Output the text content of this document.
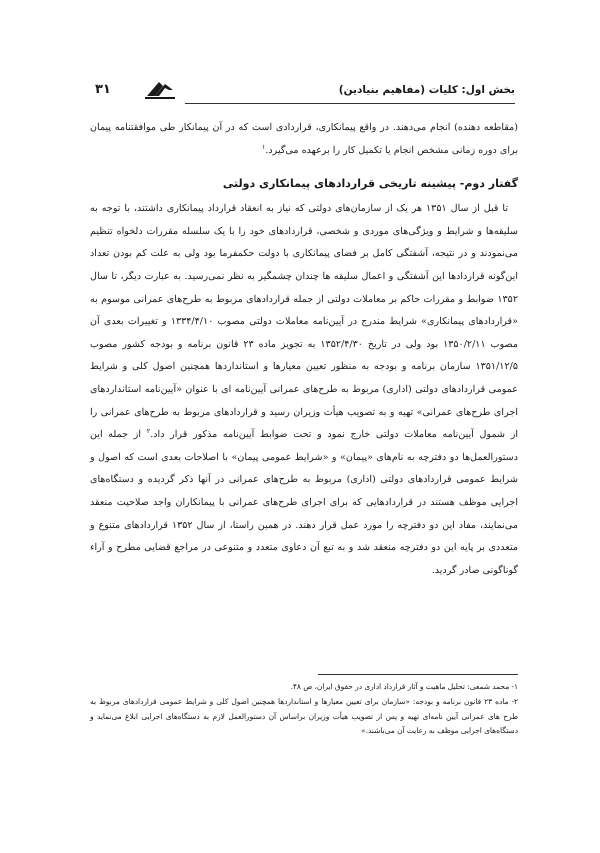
۳۱	بخش اول: کلیات (مفاهیم بنیادین)

(مقاطعه دهنده) انجام می‌دهند. در واقع پیمانکاری، قراردادی است که در آن پیمانکار طی موافقتنامه پیمان برای دوره زمانی مشخص انجام یا تکمیل کار را برعهده می‌گیرد.$^۱$

گفتار دوم- پیشینه تاریخی قراردادهای پیمانکاری دولتی

تا قبل از سال ۱۳۵۱ هر یک از سازمان‌های دولتی که نیاز به انعقاد قرارداد پیمانکاری داشتند، با توجه به سلیقه‌ها و شرایط و ویژگی‌های موردی و شخصی، قراردادهای خود را با یک سلسله مقررات دلخواه تنظیم می‌نمودند و در نتیجه، آشفتگی کامل بر فضای پیمانکاری با دولت حکمفرما بود ولی به علت کم بودن تعداد این‌گونه قراردادها این آشفتگی و اعمال سلیقه ها چندان چشمگیر به نظر نمی‌رسید. به عبارت دیگر، تا سال ۱۳۵۲ ضوابط و مقررات حاکم بر معاملات دولتی از جمله قراردادهای مربوط به طرح‌های عمرانی موسوم به «قراردادهای پیمانکاری» شرایط مندرج در آیین‌نامه معاملات دولتی مصوب ۱۳۳۴/۴/۱۰ و تغییرات بعدی آن مصوب ۱۳۵۰/۲/۱۱ بود ولی در تاریخ ۱۳۵۲/۴/۳۰ به تجویز ماده ۲۳ قانون برنامه و بودجه کشور مصوب ۱۳۵۱/۱۲/۵ سازمان برنامه و بودجه به منظور تعیین معیارها و استانداردها همچنین اصول کلی و شرایط عمومی قراردادهای دولتی (اداری) مربوط به طرح‌های عمرانی آیین‌نامه ای با عنوان «آیین‌نامه استانداردهای اجرای طرح‌های عمرانی» تهیه و به تصویب هیأت وزیران رسید و قراردادهای مربوط به طرح‌های عمرانی را از شمول آیین‌نامه معاملات دولتی خارج نمود و تحت ضوابط آیین‌نامه مذکور قرار داد.$^۲$ از جمله این دستورالعمل‌ها دو دفترچه به نام‌های «پیمان» و «شرایط عمومی پیمان» با اصلاحات بعدی است که اصول و شرایط عمومی قراردادهای دولتی (اداری) مربوط به طرح‌های عمرانی در آنها ذکر گردیده و دستگاه‌های اجرایی موظف هستند در قراردادهایی که برای اجرای طرح‌های عمرانی با پیمانکاران واجد صلاحیت منعقد می‌نمایند، مفاد این دو دفترچه را مورد عمل قرار دهند. در همین راستا، از سال ۱۳۵۲ قراردادهای متنوع و متعددی بر پایه این دو دفترچه منعقد شد و به تبع آن دعاوی متعدد و متنوعی در مراجع قضایی مطرح و آراء گوناگونی صادر گردید.

۱- محمد شمعی: تحلیل ماهیت و آثار قرارداد اداری در حقوق ایران، ص ۴۸.

۲- ماده ۲۳ قانون برنامه و بودجه: «سازمان برای تعیین معیارها و استانداردها همچنین اصول کلی و شرایط عمومی قراردادهای مربوط به طرح های عمرانی آیین نامه‌ای تهیه و پس از تصویب هیأت وزیران براساس آن دستورالعمل لازم به دستگاه‌های اجرایی ابلاغ می‌نماید و دستگاه‌های اجرایی موظف به رعایت آن می‌باشند.»
